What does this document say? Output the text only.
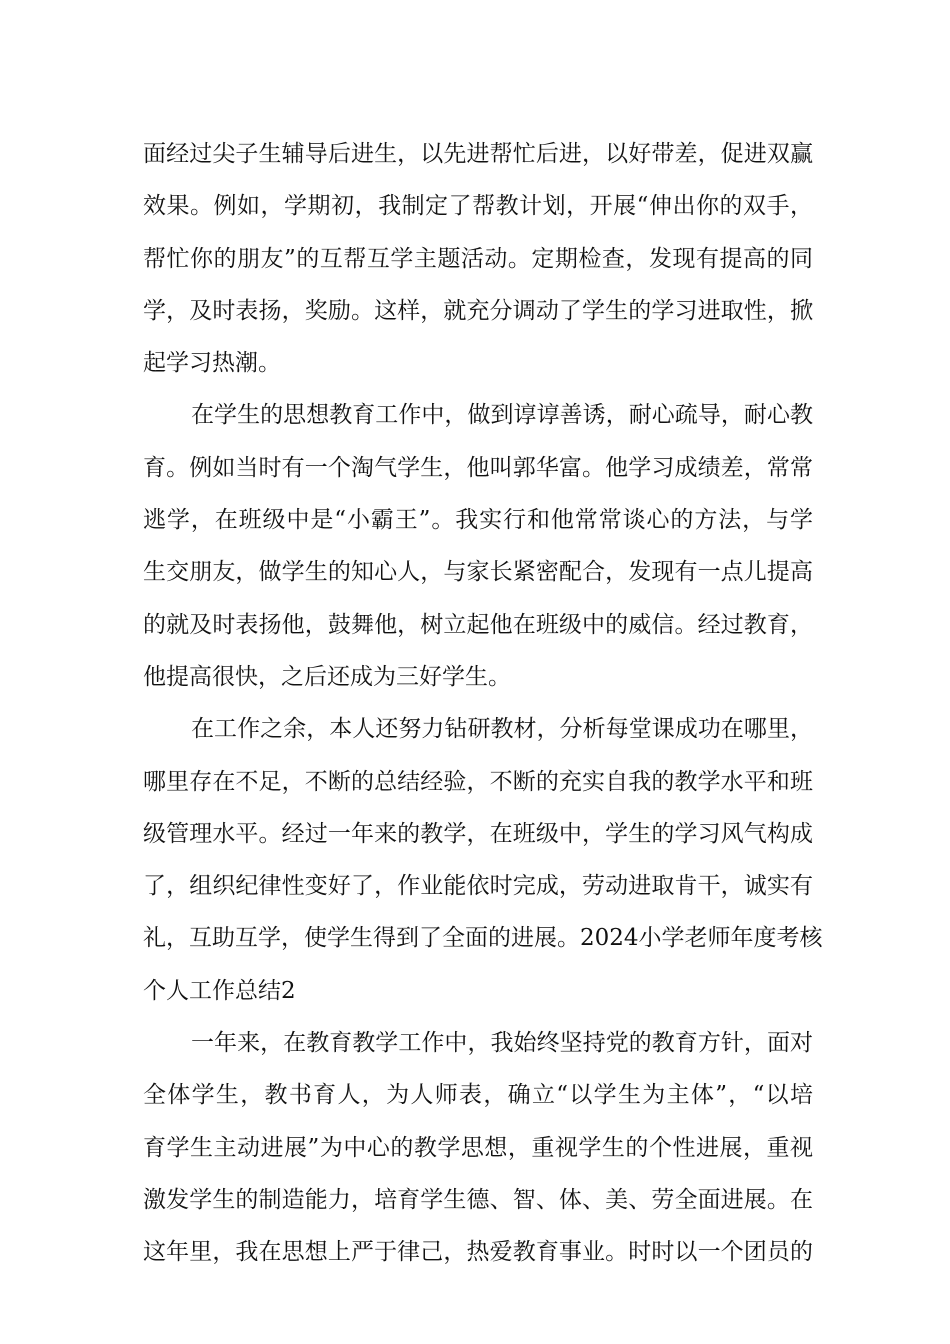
面经过尖子生辅导后进生，以先进帮忙后进，以好带差，促进双赢
效果。例如，学期初，我制定了帮教计划，开展“伸出你的双手，
帮忙你的朋友”的互帮互学主题活动。定期检查，发现有提高的同
学，及时表扬，奖励。这样，就充分调动了学生的学习进取性，掀
起学习热潮。
在学生的思想教育工作中，做到谆谆善诱，耐心疏导，耐心教
育。例如当时有一个淘气学生，他叫郭华富。他学习成绩差，常常
逃学，在班级中是“小霸王”。我实行和他常常谈心的方法，与学
生交朋友，做学生的知心人，与家长紧密配合，发现有一点儿提高
的就及时表扬他，鼓舞他，树立起他在班级中的威信。经过教育，
他提高很快，之后还成为三好学生。
在工作之余，本人还努力钻研教材，分析每堂课成功在哪里，
哪里存在不足，不断的总结经验，不断的充实自我的教学水平和班
级管理水平。经过一年来的教学，在班级中，学生的学习风气构成
了，组织纪律性变好了，作业能依时完成，劳动进取肯干，诚实有
礼，互助互学，使学生得到了全面的进展。2024小学老师年度考核
个人工作总结2
一年来，在教育教学工作中，我始终坚持党的教育方针，面对
全体学生，教书育人，为人师表，确立“以学生为主体”，“以培
育学生主动进展”为中心的教学思想，重视学生的个性进展，重视
激发学生的制造能力，培育学生德、智、体、美、劳全面进展。在
这年里，我在思想上严于律己，热爱教育事业。时时以一个团员的
